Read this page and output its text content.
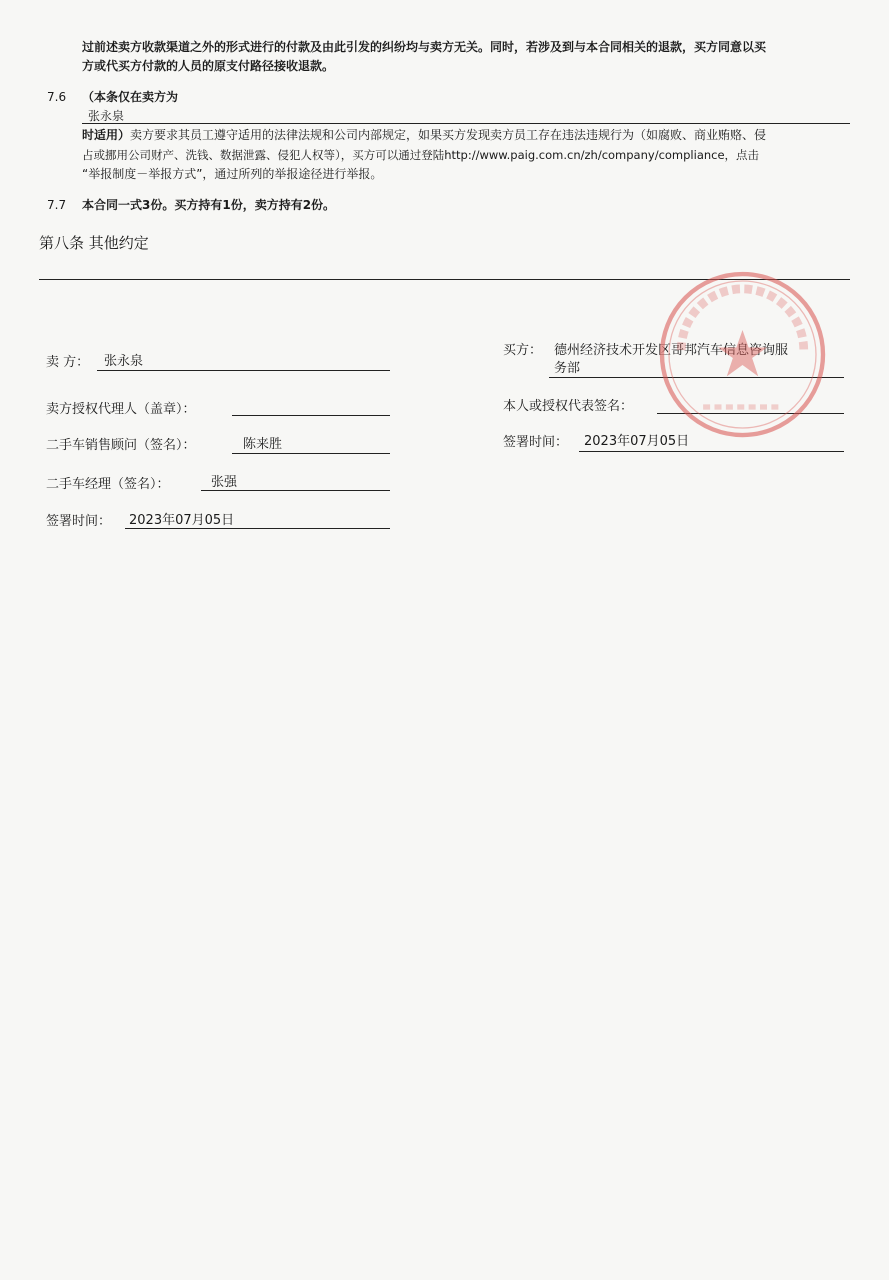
过前述卖方收款渠道之外的形式进行的付款及由此引发的纠纷均与卖方无关。同时，若涉及到与本合同相关的退款，买方同意以买
方或代买方付款的人员的原支付路径接收退款。
7.6 （本条仅在卖方为
张永泉
时适用）卖方要求其员工遵守适用的法律法规和公司内部规定，如果买方发现卖方员工存在违法违规行为（如腐败、商业贿赂、侵
占或挪用公司财产、洗钱、数据泄露、侵犯人权等），买方可以通过登陆http://www.paig.com.cn/zh/company/compliance，点击
“举报制度－举报方式”，通过所列的举报途径进行举报。
7.7 本合同一式3份。买方持有1份，卖方持有2份。
第八条 其他约定
卖 方： 张永泉
卖方授权代理人（盖章）：
二手车销售顾问（签名）：	陈来胜
二手车经理（签名）：	张强
签署时间： 2023年07月05日
买方： 德州经济技术开发区哥邦汽车信息咨询服
务部
本人或授权代表签名：
签署时间： 2023年07月05日
